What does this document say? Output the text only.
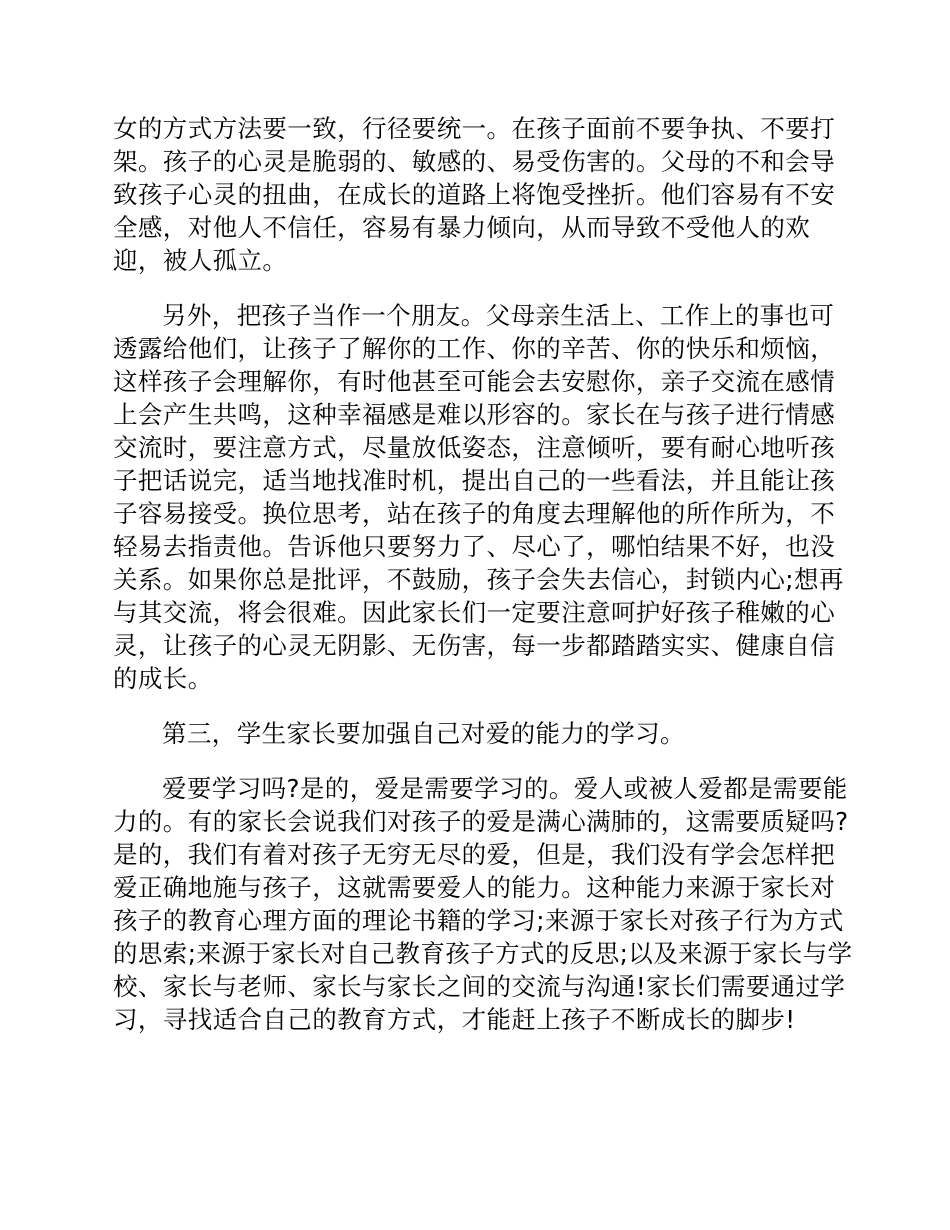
女的方式方法要一致，行径要统一。在孩子面前不要争执、不要打架。孩子的心灵是脆弱的、敏感的、易受伤害的。父母的不和会导致孩子心灵的扭曲，在成长的道路上将饱受挫折。他们容易有不安全感，对他人不信任，容易有暴力倾向，从而导致不受他人的欢迎，被人孤立。

另外，把孩子当作一个朋友。父母亲生活上、工作上的事也可透露给他们，让孩子了解你的工作、你的辛苦、你的快乐和烦恼，这样孩子会理解你，有时他甚至可能会去安慰你，亲子交流在感情上会产生共鸣，这种幸福感是难以形容的。家长在与孩子进行情感交流时，要注意方式，尽量放低姿态，注意倾听，要有耐心地听孩子把话说完，适当地找准时机，提出自己的一些看法，并且能让孩子容易接受。换位思考，站在孩子的角度去理解他的所作所为，不轻易去指责他。告诉他只要努力了、尽心了，哪怕结果不好，也没关系。如果你总是批评，不鼓励，孩子会失去信心，封锁内心;想再与其交流，将会很难。因此家长们一定要注意呵护好孩子稚嫩的心灵，让孩子的心灵无阴影、无伤害，每一步都踏踏实实、健康自信的成长。

第三，学生家长要加强自己对爱的能力的学习。

爱要学习吗?是的，爱是需要学习的。爱人或被人爱都是需要能力的。有的家长会说我们对孩子的爱是满心满肺的，这需要质疑吗?是的，我们有着对孩子无穷无尽的爱，但是，我们没有学会怎样把爱正确地施与孩子，这就需要爱人的能力。这种能力来源于家长对孩子的教育心理方面的理论书籍的学习;来源于家长对孩子行为方式的思索;来源于家长对自己教育孩子方式的反思;以及来源于家长与学校、家长与老师、家长与家长之间的交流与沟通!家长们需要通过学习，寻找适合自己的教育方式，才能赶上孩子不断成长的脚步!
